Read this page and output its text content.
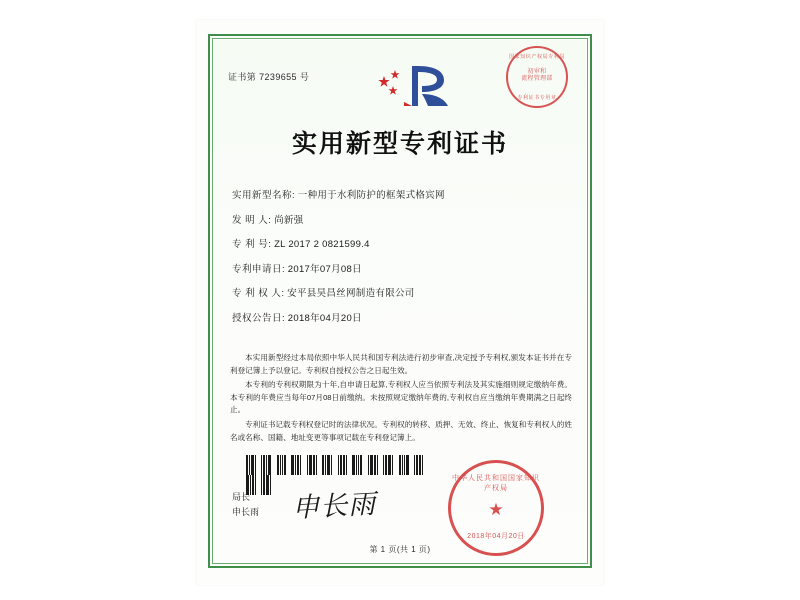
证书第 7239655 号
国家知识产权局专利局
初审和
流程管理部
专利证书专用章
实用新型专利证书
实用新型名称: 一种用于水利防护的框架式格宾网
发 明 人: 尚新强
专 利 号: ZL 2017 2 0821599.4
专利申请日: 2017年07月08日
专 利 权 人: 安平县昊昌丝网制造有限公司
授权公告日: 2018年04月20日

本实用新型经过本局依照中华人民共和国专利法进行初步审查,决定授予专利权,颁发本证书并在专利登记簿上予以登记。专利权自授权公告之日起生效。

本专利的专利权期限为十年,自申请日起算,专利权人应当依照专利法及其实施细则规定缴纳年费。本专利的年费应当每年07月08日前缴纳。未按照规定缴纳年费的,专利权自应当缴纳年费期满之日起终止。

专利证书记载专利权登记时的法律状况。专利权的转移、质押、无效、终止、恢复和专利权人的姓名或名称、国籍、地址变更等事项记载在专利登记簿上。

局长
申长雨 申长雨
中华人民共和国国家知识产权局
★
2018年04月20日
第 1 页(共 1 页)
